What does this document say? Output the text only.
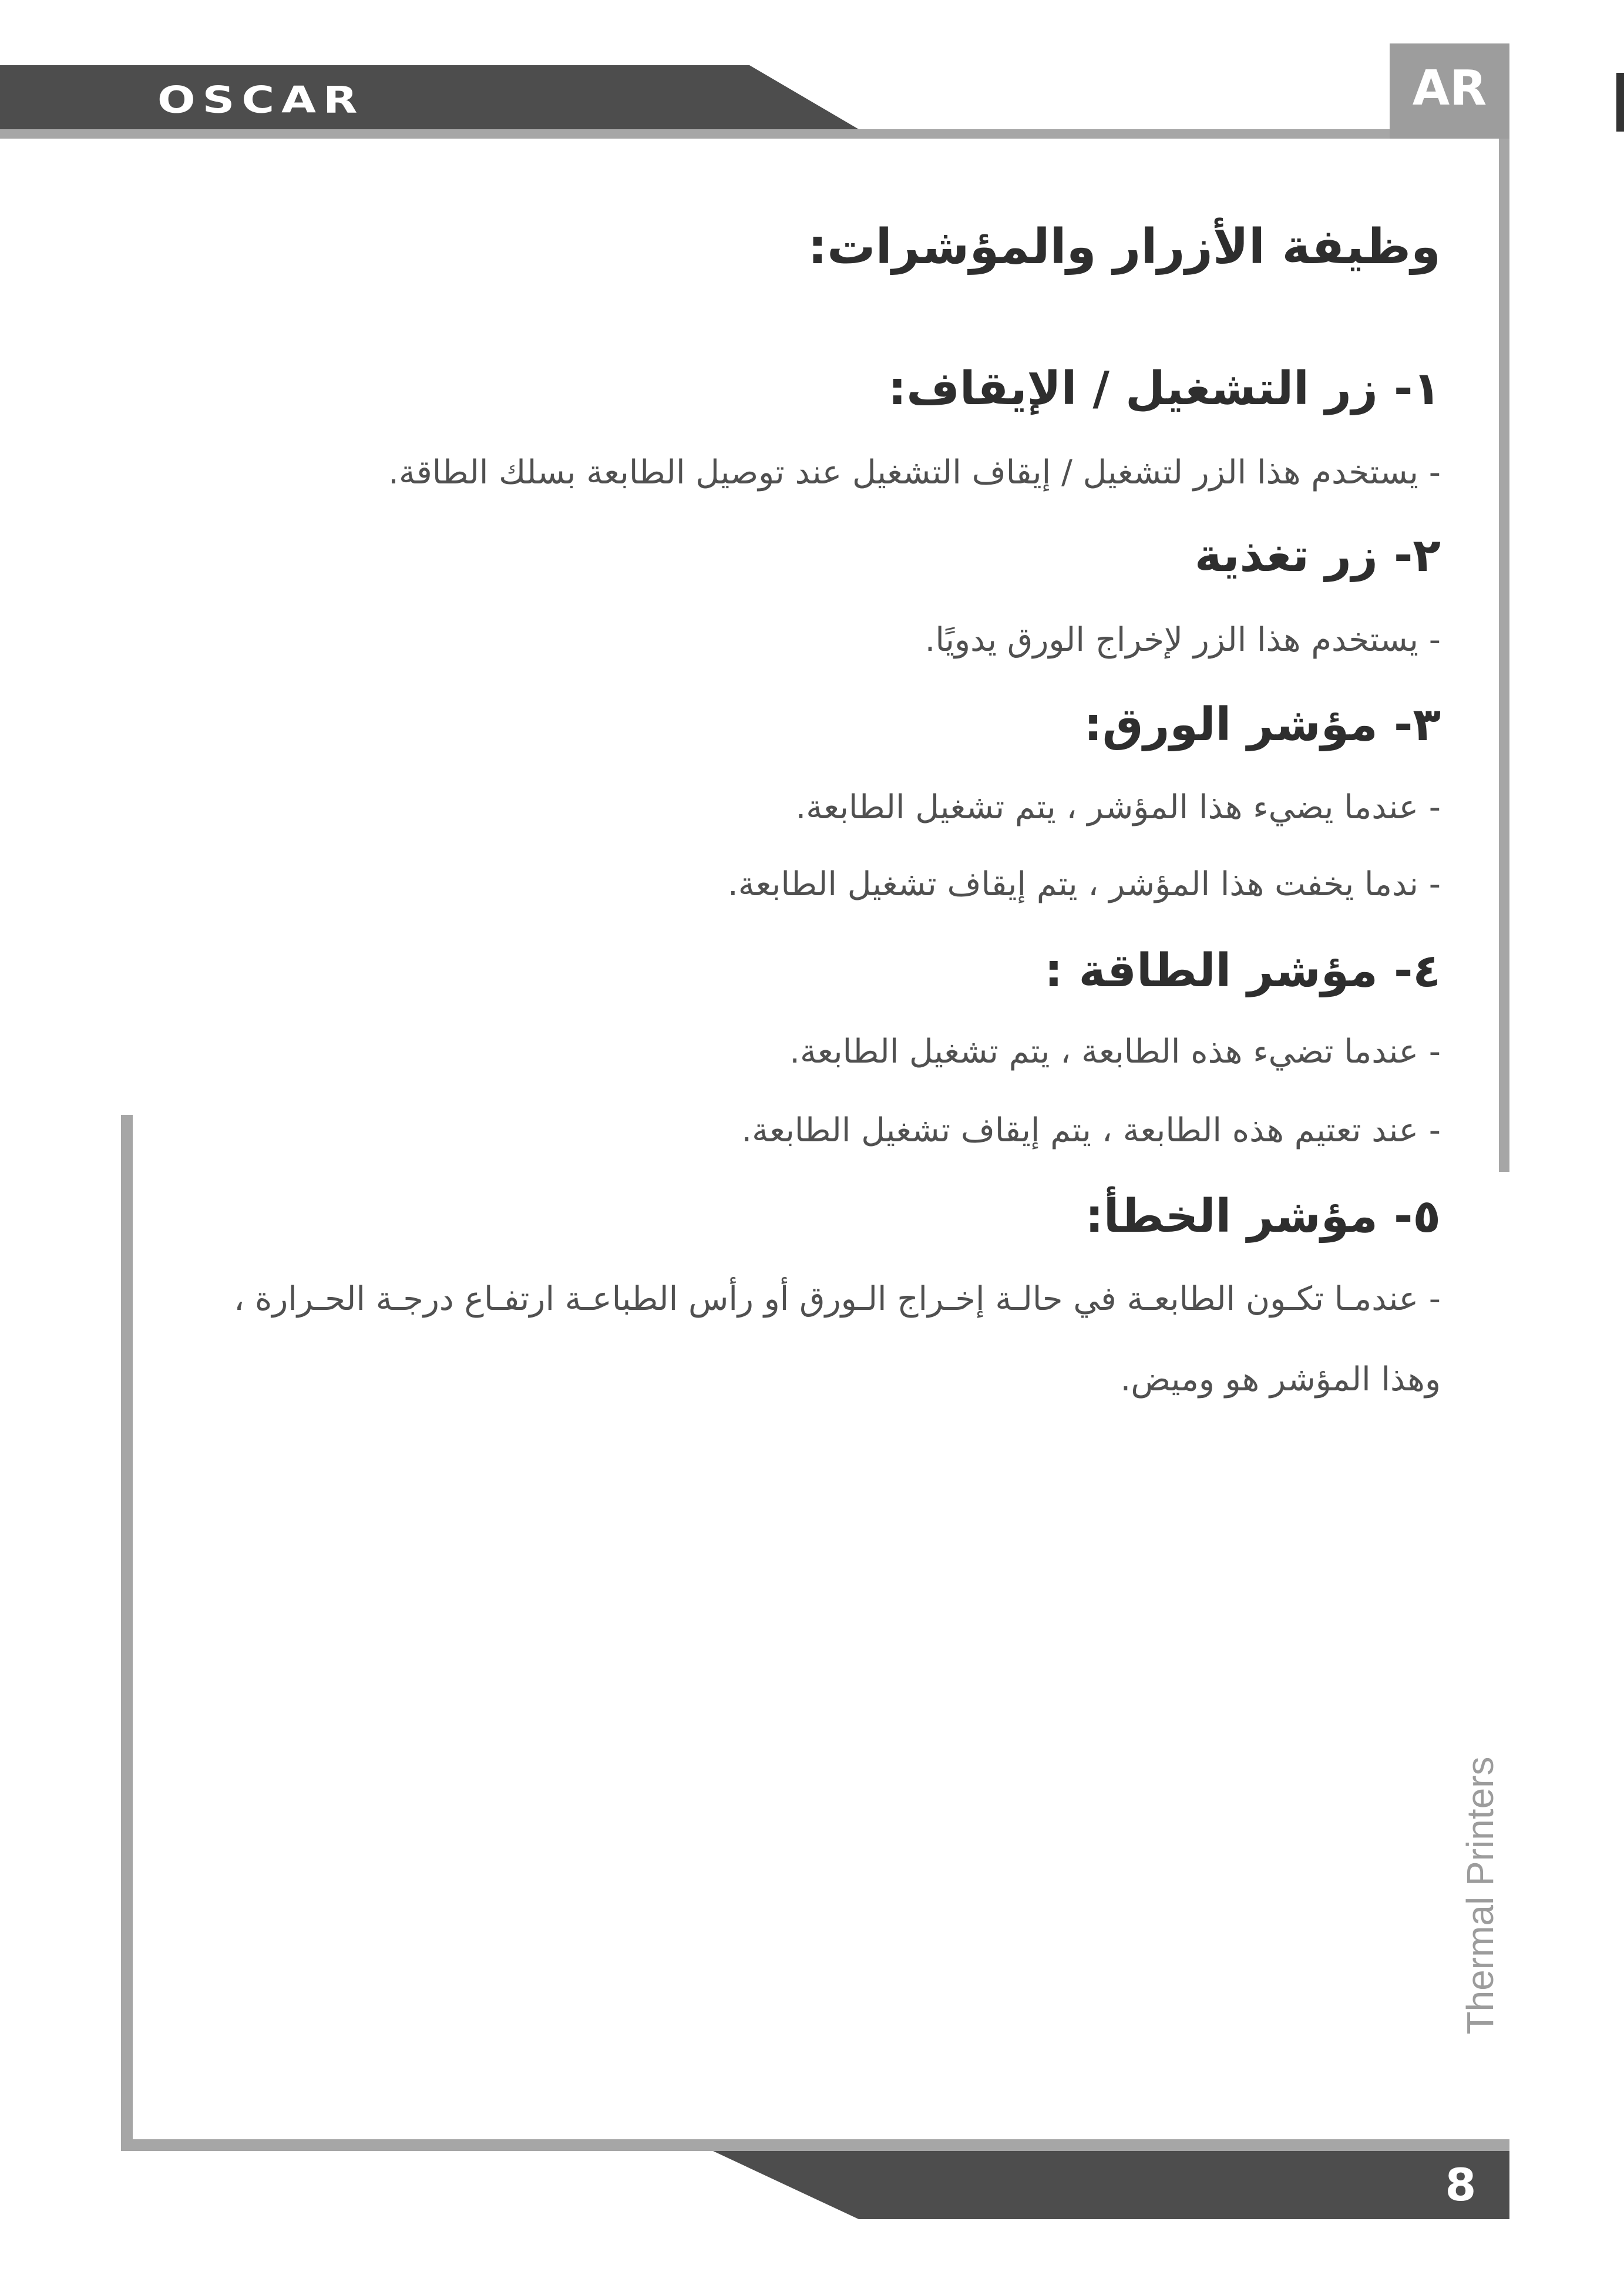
OSCAR	AR
وظيفة الأزرار والمؤشرات:
١- زر التشغيل / الإيقاف:
- يستخدم هذا الزر لتشغيل / إيقاف التشغيل عند توصيل الطابعة بسلك الطاقة.
٢- زر تغذية
- يستخدم هذا الزر لإخراج الورق يدويًا.
٣- مؤشر الورق:
- عندما يضيء هذا المؤشر ، يتم تشغيل الطابعة.
- ندما يخفت هذا المؤشر ، يتم إيقاف تشغيل الطابعة.
٤- مؤشر الطاقة :
- عندما تضيء هذه الطابعة ، يتم تشغيل الطابعة.
- عند تعتيم هذه الطابعة ، يتم إيقاف تشغيل الطابعة.
٥- مؤشر الخطأ:
- عندمـا تكـون الطابعـة في حالـة إخـراج الـورق أو رأس الطباعـة ارتفـاع درجـة الحـرارة ،
وهذا المؤشر هو وميض.
Thermal Printers
8
